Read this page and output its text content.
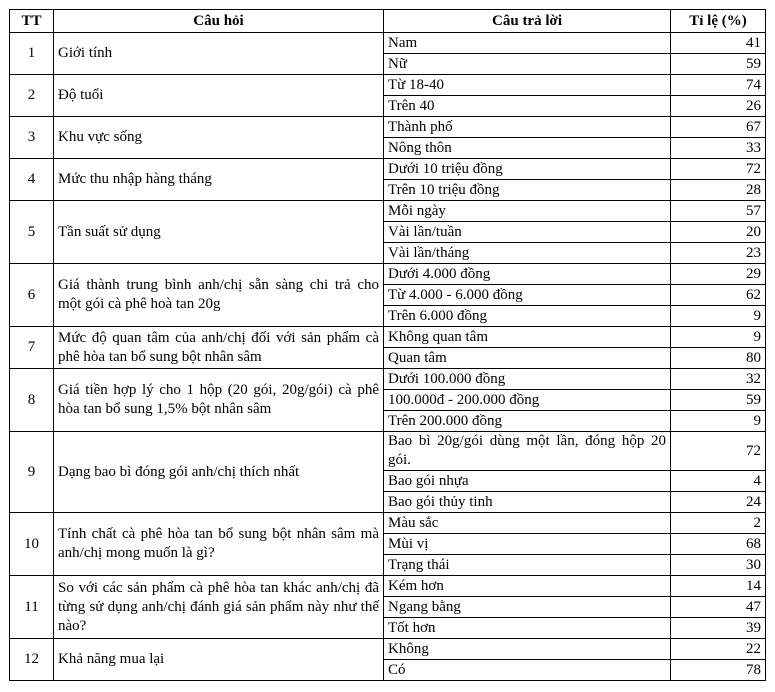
TT	Câu hỏi	Câu trả lời	Tỉ lệ (%)
1	Giới tính	Nam	41
		Nữ	59
2	Độ tuổi	Từ 18-40	74
		Trên 40	26
3	Khu vực sống	Thành phố	67
		Nông thôn	33
4	Mức thu nhập hàng tháng	Dưới 10 triệu đồng	72
		Trên 10 triệu đồng	28
5	Tần suất sử dụng	Mỗi ngày	57
		Vài lần/tuần	20
		Vài lần/tháng	23
6	Giá thành trung bình anh/chị sẵn sàng chi trả cho một gói cà phê hoà tan 20g	Dưới 4.000 đồng	29
		Từ 4.000 - 6.000 đồng	62
		Trên 6.000 đồng	9
7	Mức độ quan tâm của anh/chị đối với sản phẩm cà phê hòa tan bổ sung bột nhân sâm	Không quan tâm	9
		Quan tâm	80
8	Giá tiền hợp lý cho 1 hộp (20 gói, 20g/gói) cà phê hòa tan bổ sung 1,5% bột nhân sâm	Dưới 100.000 đồng	32
		100.000đ - 200.000 đồng	59
		Trên 200.000 đồng	9
9	Dạng bao bì đóng gói anh/chị thích nhất	Bao bì 20g/gói dùng một lần, đóng hộp 20 gói.	72
		Bao gói nhựa	4
		Bao gói thủy tinh	24
10	Tính chất cà phê hòa tan bổ sung bột nhân sâm mà anh/chị mong muốn là gì?	Màu sắc	2
		Mùi vị	68
		Trạng thái	30
11	So với các sản phẩm cà phê hòa tan khác anh/chị đã từng sử dụng anh/chị đánh giá sản phẩm này như thế nào?	Kém hơn	14
		Ngang bằng	47
		Tốt hơn	39
12	Khả năng mua lại	Không	22
		Có	78
